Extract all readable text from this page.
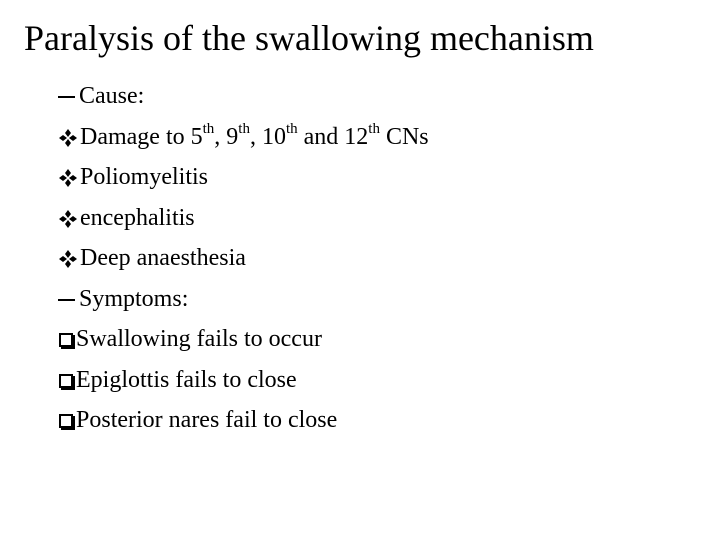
Paralysis of the swallowing mechanism
Cause:
Damage to 5th, 9th, 10th and 12th CNs
Poliomyelitis
encephalitis
Deep anaesthesia
Symptoms:
Swallowing fails to occur
Epiglottis fails to close
Posterior nares fail to close
